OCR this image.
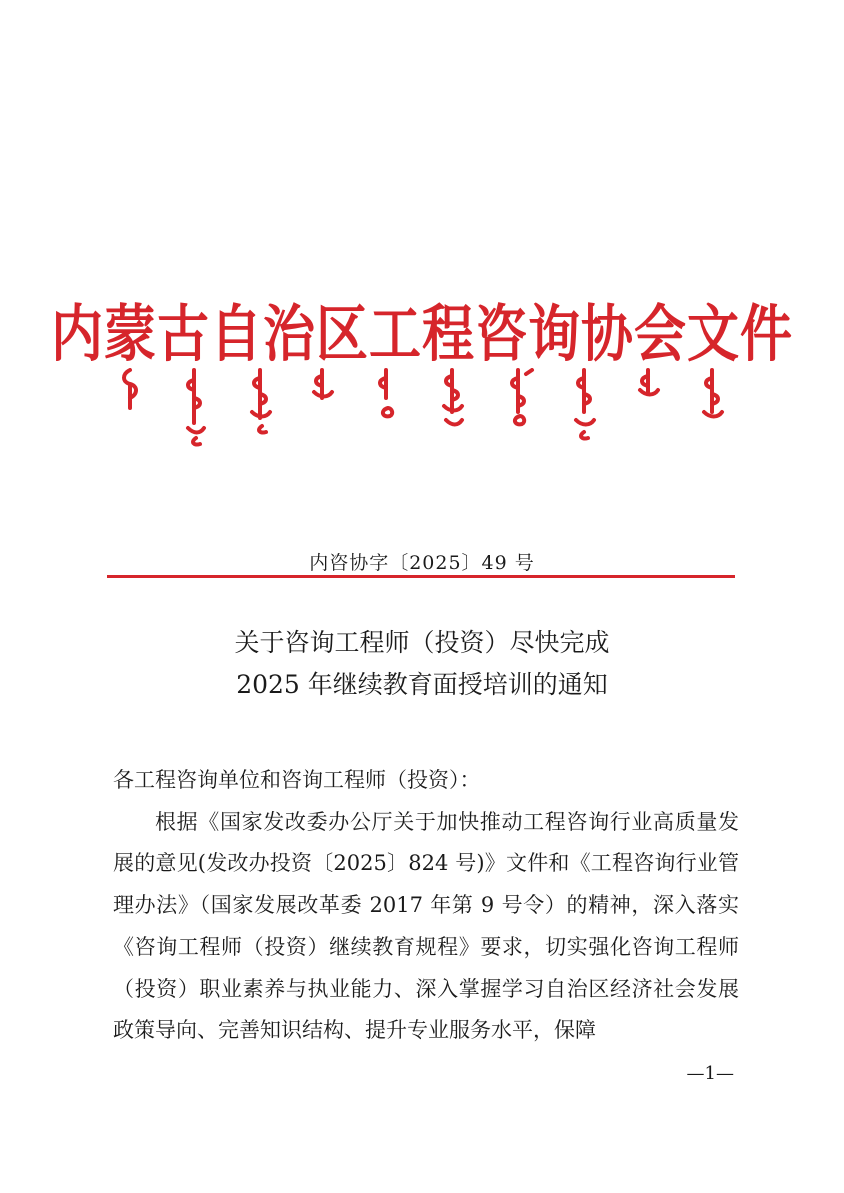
内蒙古自治区工程咨询协会文件
内咨协字〔2025〕49 号
关于咨询工程师（投资）尽快完成
2025 年继续教育面授培训的通知

各工程咨询单位和咨询工程师（投资）：

根据《国家发改委办公厅关于加快推动工程咨询行业高质量发展的意见(发改办投资〔2025〕824 号)》文件和《工程咨询行业管理办法》（国家发展改革委 2017 年第 9 号令）的精神，深入落实《咨询工程师（投资）继续教育规程》要求，切实强化咨询工程师（投资）职业素养与执业能力、深入掌握学习自治区经济社会发展政策导向、完善知识结构、提升专业服务水平，保障

—1—
